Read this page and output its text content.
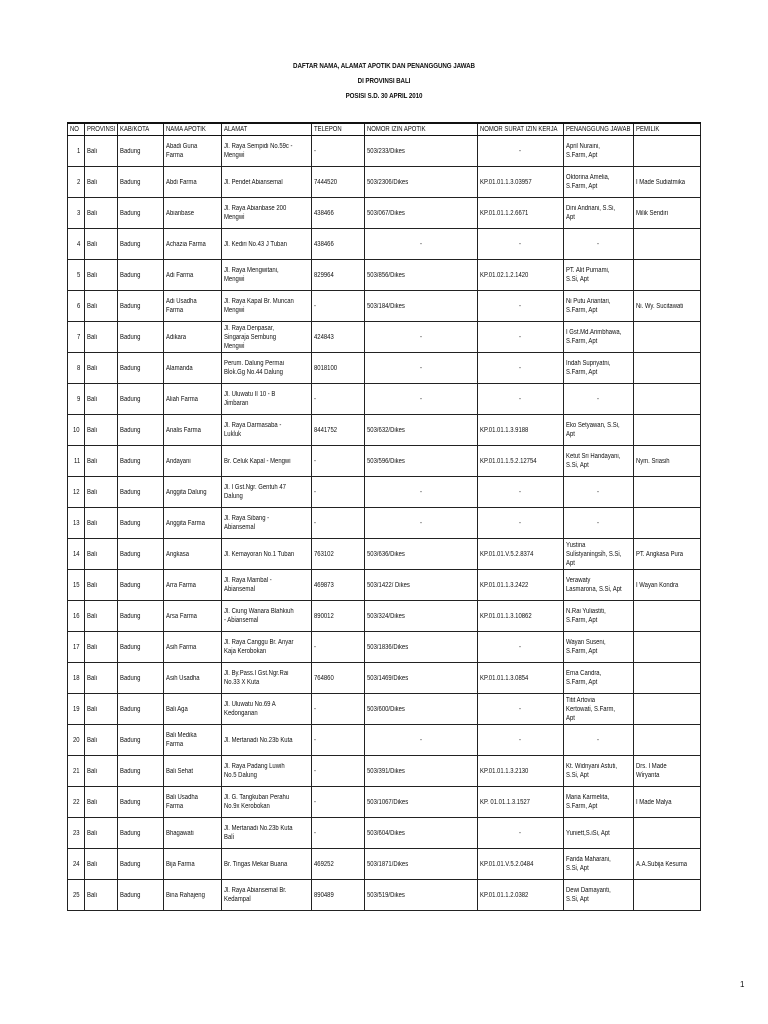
DAFTAR NAMA, ALAMAT APOTIK DAN PENANGGUNG JAWAB
DI PROVINSI BALI
POSISI S.D. 30 APRIL 2010
NO	PROVINSI	KAB/KOTA	NAMA APOTIK	ALAMAT	TELEPON	NOMOR IZIN APOTIK	NOMOR SURAT IZIN KERJA	PENANGGUNG JAWAB	PEMILIK
1	Bali	Badung	Abadi Guna Farma	Jl. Raya Sempidi No.59c - Mengwi	-	503/233/Dikes	-	April Nuraini, S.Farm, Apt	
2	Bali	Badung	Abdi Farma	Jl. Pendet Abiansemal	7444520	503/2306/Dikes	KP.01.01.1.3.03957	Oktorina Amelia, S.Farm, Apt	I Made Sudiatmika
3	Bali	Badung	Abianbase	Jl. Raya Abianbase 200 Mengwi	438466	503/067/Dikes	KP.01.01.1.2.6671	Dini Andriani, S.Si, Apt	Milik Sendiri
4	Bali	Badung	Achazia Farma	Jl. Kediri No.43 J Tuban	438466	-	-	-	
5	Bali	Badung	Adi Farma	Jl. Raya Mengwitani, Mengwi	829964	503/856/Dikes	KP.01.02.1.2.1420	PT. Alit Purnami, S.Si, Apt	
6	Bali	Badung	Adi Usadha Farma	Jl. Raya Kapal Br. Muncan Mengwi	-	503/184/Dikes	-	Ni Putu Ariantari, S.Farm, Apt	Ni. Wy. Sucitawati
7	Bali	Badung	Adikara	Jl. Raya Denpasar, Singaraja Sembung Mengwi	424843	-	-	I Gst.Md.Arimbhawa, S.Farm, Apt	
8	Bali	Badung	Alamanda	Perum. Dalung Permai Blok.Gg No.44 Dalung	8018100	-	-	Indah Supriyatni, S.Farm, Apt	
9	Bali	Badung	Aliah Farma	Jl. Uluwatu II 10 - B Jimbaran	-	-	-	-	
10	Bali	Badung	Analis Farma	Jl. Raya Darmasaba - Lukluk	8441752	503/632/Dikes	KP.01.01.1.3.9188	Eko Setyawan, S.Si, Apt	
11	Bali	Badung	Andayani	Br. Celuk Kapal - Mengwi	-	503/596/Dikes	KP.01.01.1.5.2.12754	Ketut Sri Handayani, S.Si, Apt	Nym. Sriasih
12	Bali	Badung	Anggita Dalung	Jl. I Gst.Ngr. Gentuh 47 Dalung	-	-	-	-	
13	Bali	Badung	Anggita Farma	Jl. Raya Sibang - Abiansemal	-	-	-	-	
14	Bali	Badung	Angkasa	Jl. Kemayoran No.1 Tuban	763102	503/636/Dikes	KP.01.01.V.5.2.8374	Yustina Sulistyaningsih, S.Si, Apt	PT. Angkasa Pura
15	Bali	Badung	Arra Farma	Jl. Raya Mambal - Abiansemal	469873	503/1422/ Dikes	KP.01.01.1.3.2422	Verawaty Lasmarona, S.Si, Apt	I Wayan Kondra
16	Bali	Badung	Arsa Farma	Jl. Ciung Wanara Blahkiuh - Abiansemal	890012	503/324/Dikes	KP.01.01.1.3.10862	N.Rai Yuliastiti, S.Farm, Apt	
17	Bali	Badung	Asih Farma	Jl. Raya Canggu Br. Anyar Kaja Kerobokan	-	503/1836/Dikes	-	Wayan Suseni, S.Farm, Apt	
18	Bali	Badung	Asih Usadha	Jl. By.Pass.I Gst.Ngr.Rai No.33 X Kuta	764860	503/1469/Dikes	KP.01.01.1.3.0854	Erna Candra, S.Farm, Apt	
19	Bali	Badung	Bali Aga	Jl. Uluwatu No.69 A Kedonganan	-	503/600/Dikes	-	Titit Artovia Kertowati, S.Farm, Apt	
20	Bali	Badung	Bali Medika Farma	Jl. Mertanadi No.23b Kuta	-	-	-	-	
21	Bali	Badung	Bali Sehat	Jl. Raya Padang Luwih No.5 Dalung	-	503/391/Dikes	KP.01.01.1.3.2130	Kt. Widnyani Astuti, S.Si, Apt	Drs. I Made Wiryanta
22	Bali	Badung	Bali Usadha Farma	Jl. G. Tangkuban Perahu No.9x Kerobokan	-	503/1067/Dikes	KP. 01.01.1.3.1527	Maria Karmelita, S.Farm, Apt	I Made Malya
23	Bali	Badung	Bhagawati	Jl. Mertanadi No.23b Kuta Bali	-	503/604/Dikes	-	Yuniett,S.iSi, Apt	
24	Bali	Badung	Bija Farma	Br. Tingas Mekar Buana	469252	503/1871/Dikes	KP.01.01.V.5.2.0484	Farida Maharani, S.Si, Apt	A.A.Subija Kesuma
25	Bali	Badung	Bina Rahajeng	Jl. Raya Abiansemal Br. Kedampal	890489	503/519/Dikes	KP.01.01.1.2.0382	Dewi Damayanti, S.Si, Apt	
1
